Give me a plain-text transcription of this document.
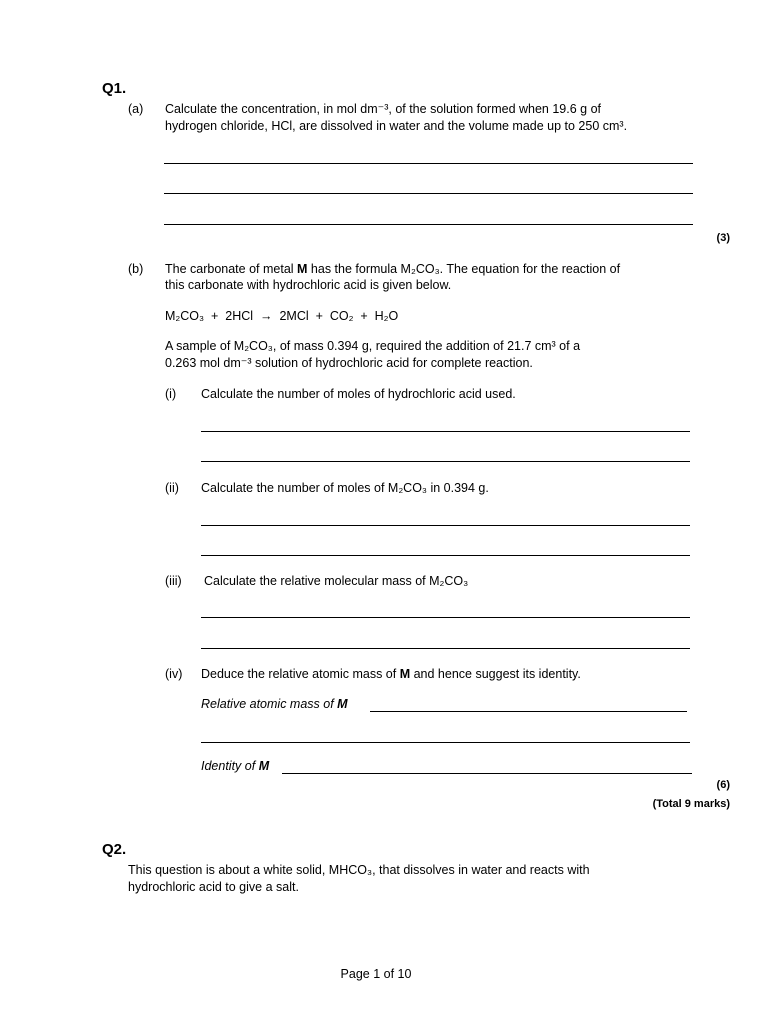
Q1.
(a) Calculate the concentration, in mol dm⁻³, of the solution formed when 19.6 g of
hydrogen chloride, HCl, are dissolved in water and the volume made up to 250 cm³.
(3)
(b) The carbonate of metal M has the formula M₂CO₃. The equation for the reaction of
this carbonate with hydrochloric acid is given below.
M₂CO₃  +  2HCl  →  2MCl  +  CO₂  +  H₂O
A sample of M₂CO₃, of mass 0.394 g, required the addition of 21.7 cm³ of a
0.263 mol dm⁻³ solution of hydrochloric acid for complete reaction.
(i) Calculate the number of moles of hydrochloric acid used.
(ii) Calculate the number of moles of M₂CO₃ in 0.394 g.
(iii) Calculate the relative molecular mass of M₂CO₃
(iv) Deduce the relative atomic mass of M and hence suggest its identity.
Relative atomic mass of M
Identity of M
(6)
(Total 9 marks)
Q2.
This question is about a white solid, MHCO₃, that dissolves in water and reacts with
hydrochloric acid to give a salt.
Page 1 of 10
